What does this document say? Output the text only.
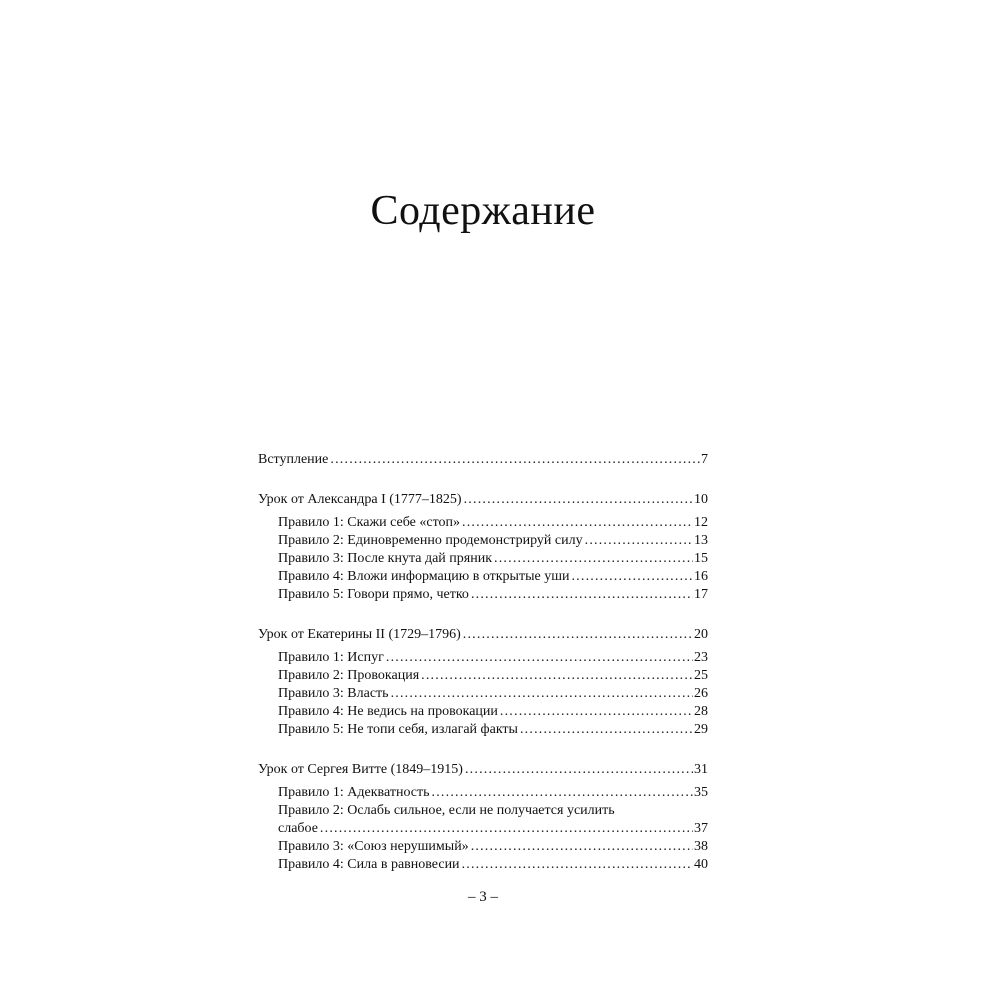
Содержание
Вступление .....	7
Урок от Александра I (1777–1825) .....	10
Правило 1: Скажи себе «стоп» .....	12
Правило 2: Единовременно продемонстрируй силу .....	13
Правило 3: После кнута дай пряник .....	15
Правило 4: Вложи информацию в открытые уши .....	16
Правило 5: Говори прямо, четко .....	17
Урок от Екатерины II (1729–1796) .....	20
Правило 1: Испуг .....	23
Правило 2: Провокация .....	25
Правило 3: Власть .....	26
Правило 4: Не ведись на провокации .....	28
Правило 5: Не топи себя, излагай факты .....	29
Урок от Сергея Витте (1849–1915) .....	31
Правило 1: Адекватность .....	35
Правило 2: Ослабь сильное, если не получается усилить
слабое .....	37
Правило 3: «Союз нерушимый» .....	38
Правило 4: Сила в равновесии .....	40
– 3 –
